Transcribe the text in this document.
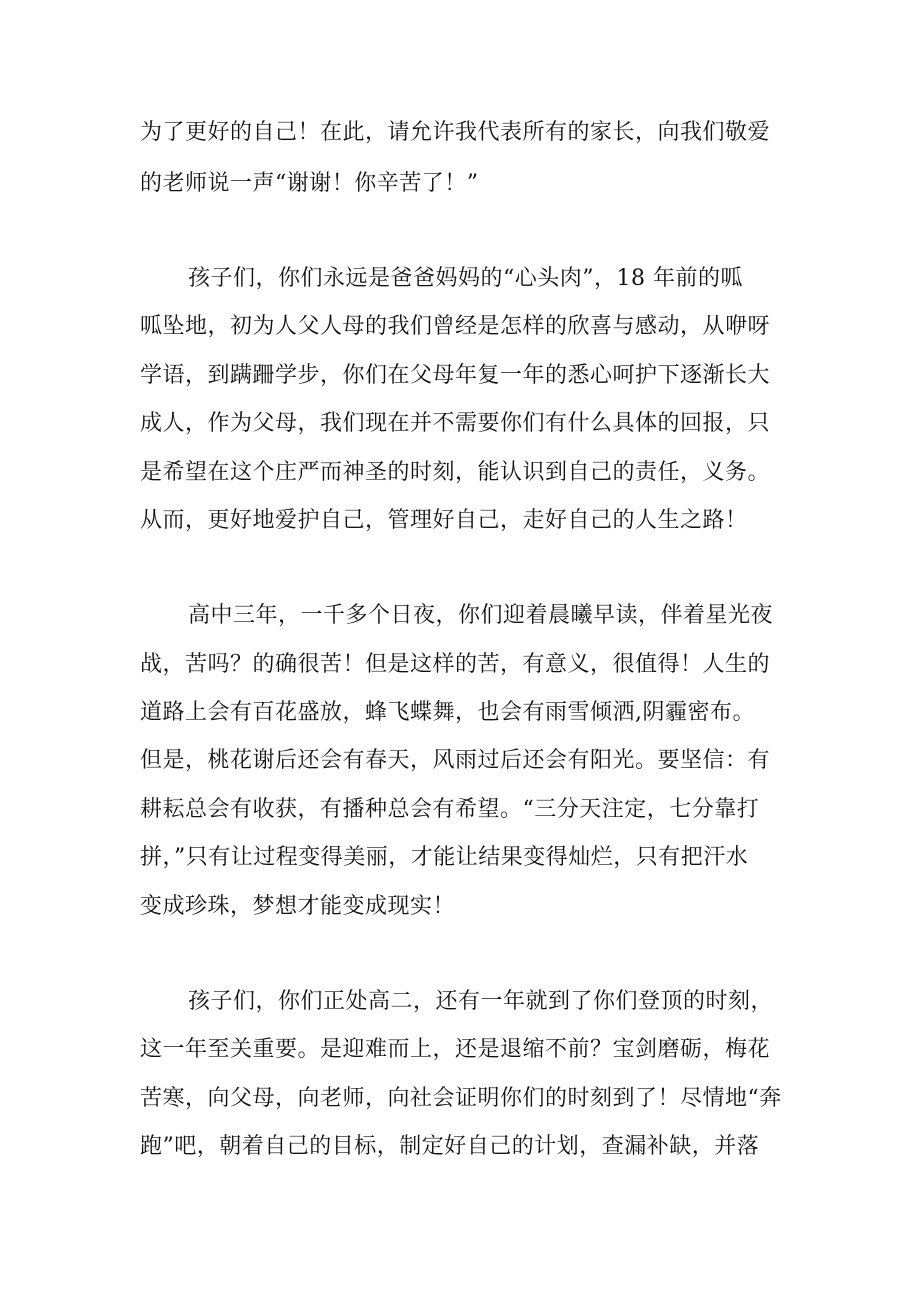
为了更好的自己！在此，请允许我代表所有的家长，向我们敬爱
的老师说一声“谢谢！你辛苦了！”
孩子们，你们永远是爸爸妈妈的“心头肉”，18 年前的呱
呱坠地，初为人父人母的我们曾经是怎样的欣喜与感动，从咿呀
学语，到蹒跚学步，你们在父母年复一年的悉心呵护下逐渐长大
成人，作为父母，我们现在并不需要你们有什么具体的回报，只
是希望在这个庄严而神圣的时刻，能认识到自己的责任，义务。
从而，更好地爱护自己，管理好自己，走好自己的人生之路！
高中三年，一千多个日夜，你们迎着晨曦早读，伴着星光夜
战，苦吗？的确很苦！但是这样的苦，有意义，很值得！人生的
道路上会有百花盛放，蜂飞蝶舞，也会有雨雪倾洒,阴霾密布。
但是，桃花谢后还会有春天，风雨过后还会有阳光。要坚信：有
耕耘总会有收获，有播种总会有希望。“三分天注定，七分靠打
拼，”只有让过程变得美丽，才能让结果变得灿烂，只有把汗水
变成珍珠，梦想才能变成现实！
孩子们，你们正处高二，还有一年就到了你们登顶的时刻，
这一年至关重要。是迎难而上，还是退缩不前？宝剑磨砺，梅花
苦寒，向父母，向老师，向社会证明你们的时刻到了！尽情地“奔
跑”吧，朝着自己的目标，制定好自己的计划，查漏补缺，并落
